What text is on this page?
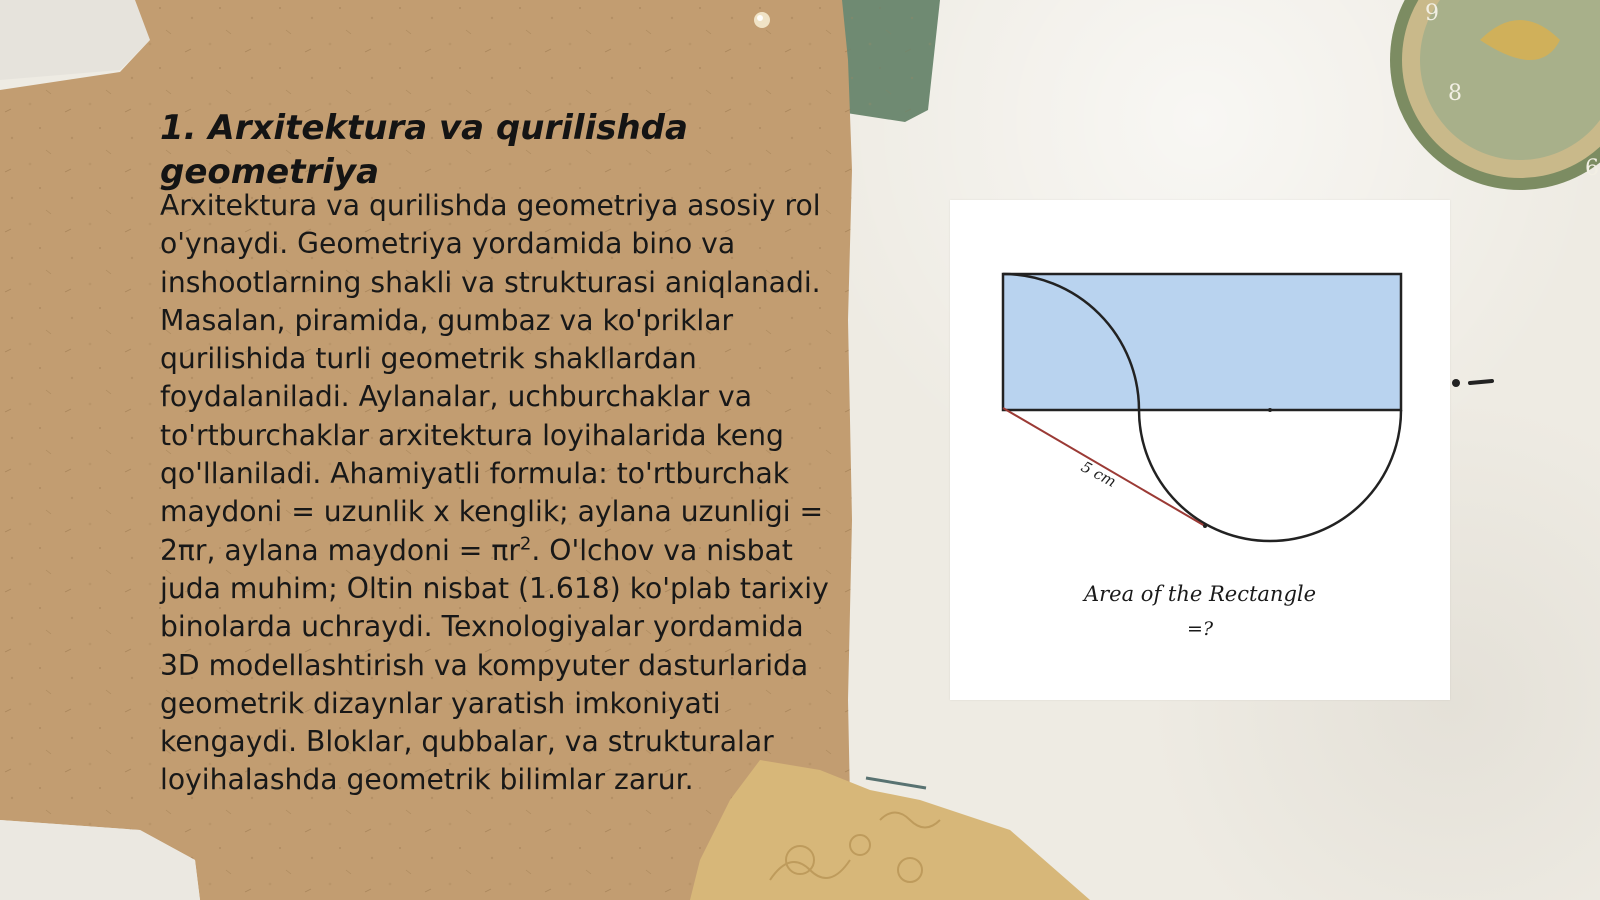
9
8
6
1. Arxitektura va qurilishda geometriya

Arxitektura va qurilishda geometriya asosiy rol o'ynaydi. Geometriya yordamida bino va inshootlarning shakli va strukturasi aniqlanadi. Masalan, piramida, gumbaz va ko'priklar qurilishida turli geometrik shakllardan foydalaniladi. Aylanalar, uchburchaklar va to'rtburchaklar arxitektura loyihalarida keng qo'llaniladi. Ahamiyatli formula: to'rtburchak maydoni = uzunlik x kenglik; aylana uzunligi = 2πr, aylana maydoni = $\pi r^2$. O'lchov va nisbat juda muhim; Oltin nisbat (1.618) ko'plab tarixiy binolarda uchraydi. Texnologiyalar yordamida 3D modellashtirish va kompyuter dasturlarida geometrik dizaynlar yaratish imkoniyati kengaydi. Bloklar, qubbalar, va strukturalar loyihalashda geometrik bilimlar zarur.

5 cm
Area of the Rectangle
=?
